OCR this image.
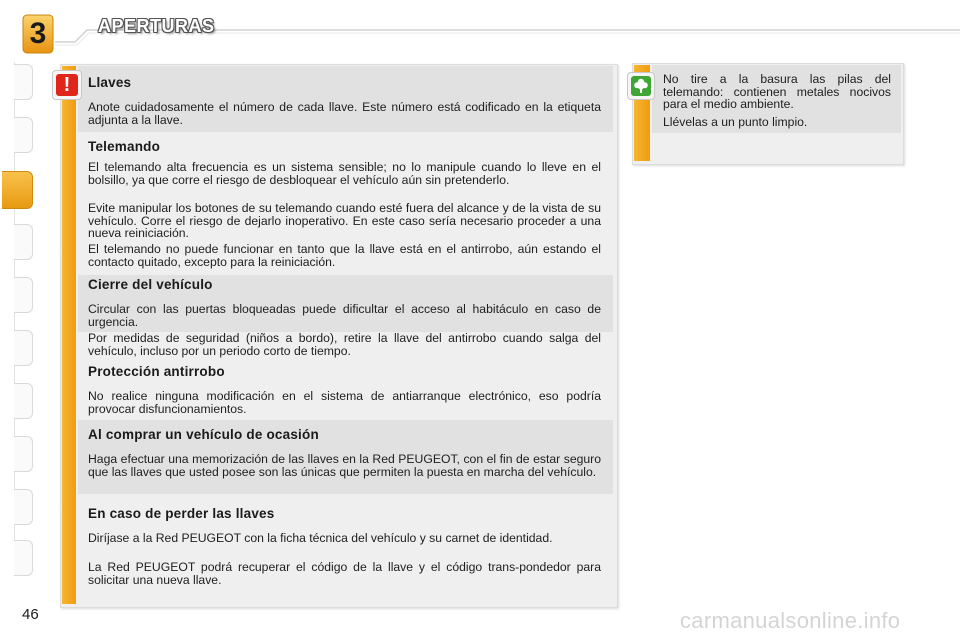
3	APERTURAS
!	Llaves
Anote cuidadosamente el número de cada llave. Este número está codificado en la etiqueta adjunta a la llave.
Telemando
El telemando alta frecuencia es un sistema sensible; no lo manipule cuando lo lleve en el bolsillo, ya que corre el riesgo de desbloquear el vehículo aún sin pretenderlo.
Evite manipular los botones de su telemando cuando esté fuera del alcance y de la vista de su vehículo. Corre el riesgo de dejarlo inoperativo. En este caso sería necesario proceder a una nueva reiniciación.
El telemando no puede funcionar en tanto que la llave está en el antirrobo, aún estando el contacto quitado, excepto para la reiniciación.
Cierre del vehículo
Circular con las puertas bloqueadas puede dificultar el acceso al habitáculo en caso de urgencia.
Por medidas de seguridad (niños a bordo), retire la llave del antirrobo cuando salga del vehículo, incluso por un periodo corto de tiempo.
Protección antirrobo
No realice ninguna modificación en el sistema de antiarranque electrónico, eso podría provocar disfuncionamientos.
Al comprar un vehículo de ocasión
Haga efectuar una memorización de las llaves en la Red PEUGEOT, con el fin de estar seguro que las llaves que usted posee son las únicas que permiten la puesta en marcha del vehículo.
En caso de perder las llaves
Diríjase a la Red PEUGEOT con la ficha técnica del vehículo y su carnet de identidad.
La Red PEUGEOT podrá recuperar el código de la llave y el código trans-pondedor para solicitar una nueva llave.
No tire a la basura las pilas del telemando: contienen metales nocivos para el medio ambiente.
Llévelas a un punto limpio.
46	carmanualsonline.info
